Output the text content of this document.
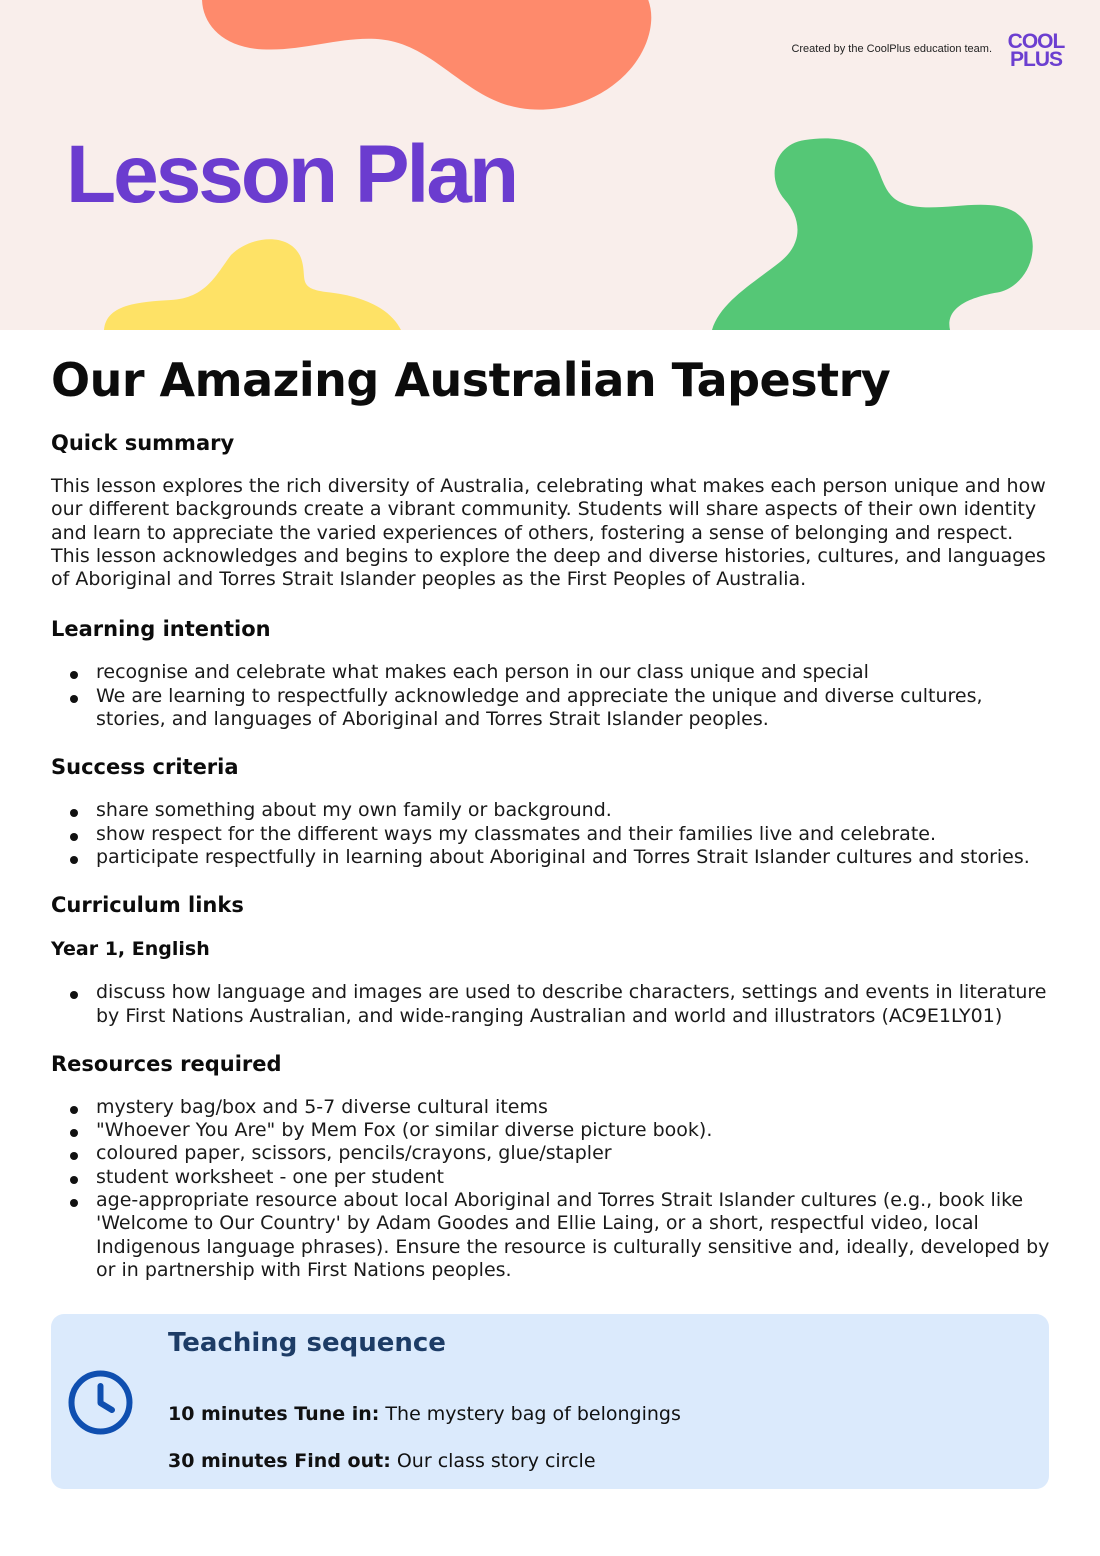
Created by the CoolPlus education team. COOL
PLUS
Lesson Plan
Our Amazing Australian Tapestry
Quick summary

This lesson explores the rich diversity of Australia, celebrating what makes each person unique and how our different backgrounds create a vibrant community. Students will share aspects of their own identity and learn to appreciate the varied experiences of others, fostering a sense of belonging and respect. This lesson acknowledges and begins to explore the deep and diverse histories, cultures, and languages of Aboriginal and Torres Strait Islander peoples as the First Peoples of Australia.

Learning intention
recognise and celebrate what makes each person in our class unique and special
We are learning to respectfully acknowledge and appreciate the unique and diverse cultures, stories, and languages of Aboriginal and Torres Strait Islander peoples.
Success criteria
share something about my own family or background.
show respect for the different ways my classmates and their families live and celebrate.
participate respectfully in learning about Aboriginal and Torres Strait Islander cultures and stories.
Curriculum links
Year 1, English
discuss how language and images are used to describe characters, settings and events in literature by First Nations Australian, and wide-ranging Australian and world and illustrators (AC9E1LY01)
Resources required
mystery bag/box and 5-7 diverse cultural items
"Whoever You Are" by Mem Fox (or similar diverse picture book).
coloured paper, scissors, pencils/crayons, glue/stapler
student worksheet - one per student
age-appropriate resource about local Aboriginal and Torres Strait Islander cultures (e.g., book like 'Welcome to Our Country' by Adam Goodes and Ellie Laing, or a short, respectful video, local Indigenous language phrases). Ensure the resource is culturally sensitive and, ideally, developed by or in partnership with First Nations peoples.
Teaching sequence
10 minutes Tune in: The mystery bag of belongings
30 minutes Find out: Our class story circle
